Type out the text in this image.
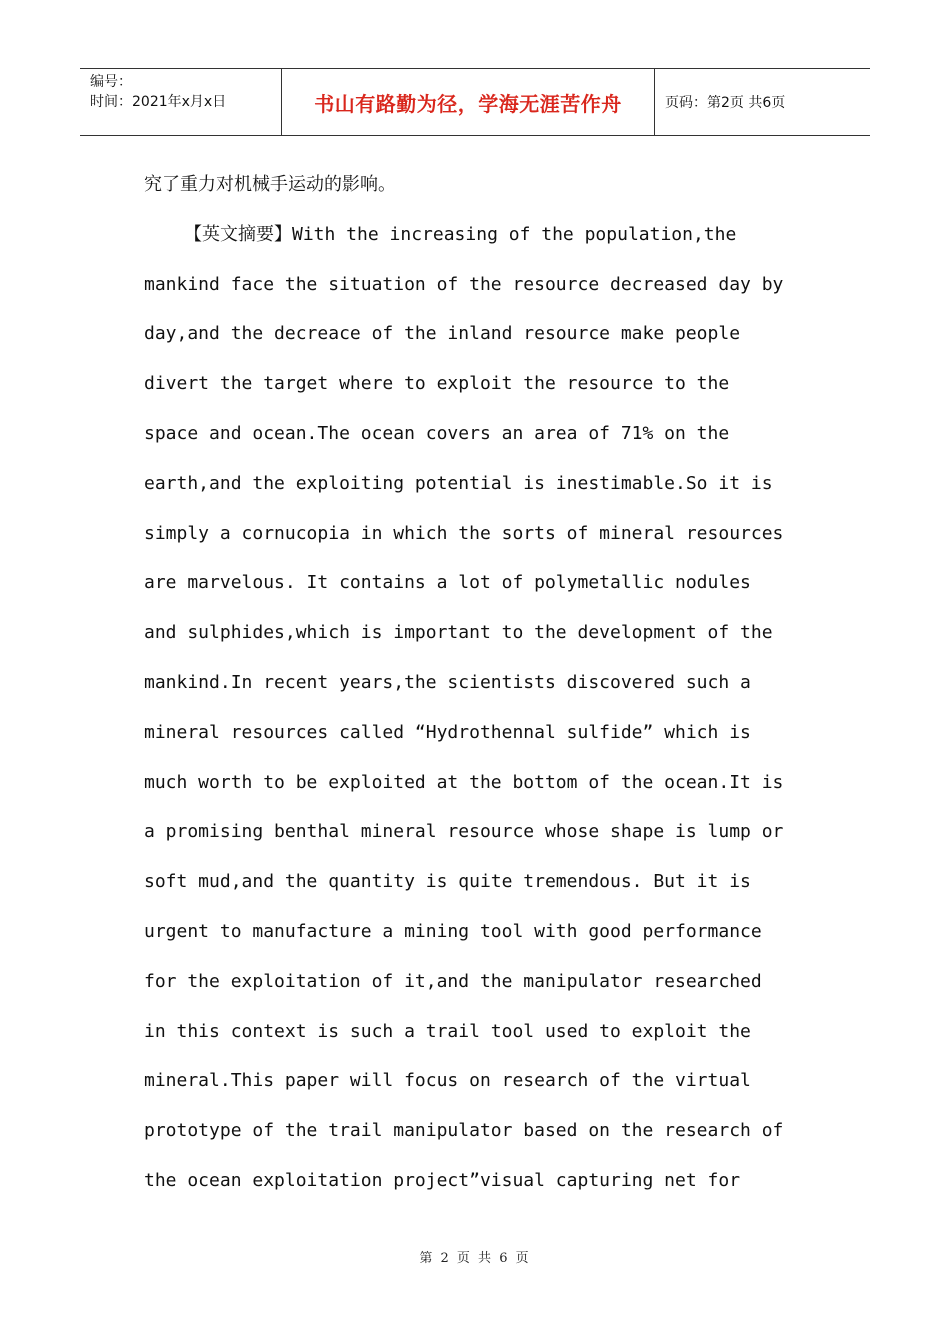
编号：
时间：2021年x月x日	书山有路勤为径，学海无涯苦作舟	页码：第2页 共6页
究了重力对机械手运动的影响。
【英文摘要】With the increasing of the population,the
mankind face the situation of the resource decreased day by
day,and the decreace of the inland resource make people
divert the target where to exploit the resource to the
space and ocean.The ocean covers an area of 71% on the
earth,and the exploiting potential is inestimable.So it is
simply a cornucopia in which the sorts of mineral resources
are marvelous. It contains a lot of polymetallic nodules
and sulphides,which is important to the development of the
mankind.In recent years,the scientists discovered such a
mineral resources called “Hydrothennal sulfide” which is
much worth to be exploited at the bottom of the ocean.It is
a promising benthal mineral resource whose shape is lump or
soft mud,and the quantity is quite tremendous. But it is
urgent to manufacture a mining tool with good performance
for the exploitation of it,and the manipulator researched
in this context is such a trail tool used to exploit the
mineral.This paper will focus on research of the virtual
prototype of the trail manipulator based on the research of
the ocean exploitation project”visual capturing net for
第 2 页 共 6 页
